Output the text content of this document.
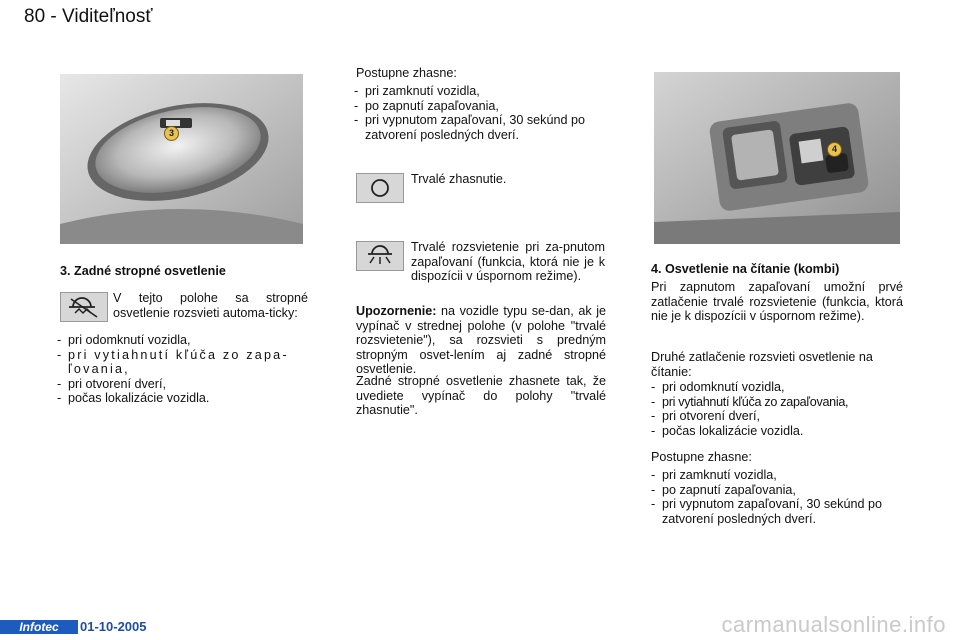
80 - Viditeľnosť
3
4
3. Zadné stropné osvetlenie
V tejto polohe sa stropné osvetlenie rozsvieti automa-ticky:
- pri odomknutí vozidla,
- pri vytiahnutí kľúča zo zapa-ľovania,
- pri otvorení dverí,
- počas lokalizácie vozidla.
Postupne zhasne:
- pri zamknutí vozidla,
- po zapnutí zapaľovania,
- pri vypnutom zapaľovaní, 30 sekúnd po zatvorení posledných dverí.
Trvalé zhasnutie.
Trvalé rozsvietenie pri za-pnutom zapaľovaní (funkcia, ktorá nie je k dispozícii v úspornom režime).
Upozornenie: na vozidle typu se-dan, ak je vypínač v strednej polohe (v polohe "trvalé rozsvietenie"), sa rozsvieti s predným stropným osvet-lením aj zadné stropné osvetlenie.
Zadné stropné osvetlenie zhasnete tak, že uvediete vypínač do polohy "trvalé zhasnutie".
4. Osvetlenie na čítanie (kombi)
Pri zapnutom zapaľovaní umožní prvé zatlačenie trvalé rozsvietenie (funkcia, ktorá nie je k dispozícii v úspornom režime).
Druhé zatlačenie rozsvieti osvetlenie na čítanie:
- pri odomknutí vozidla,
- pri vytiahnutí kľúča zo zapaľovania,
- pri otvorení dverí,
- počas lokalizácie vozidla.
Postupne zhasne:
- pri zamknutí vozidla,
- po zapnutí zapaľovania,
- pri vypnutom zapaľovaní, 30 sekúnd po zatvorení posledných dverí.
Infotec	01-10-2005	carmanualsonline.info
